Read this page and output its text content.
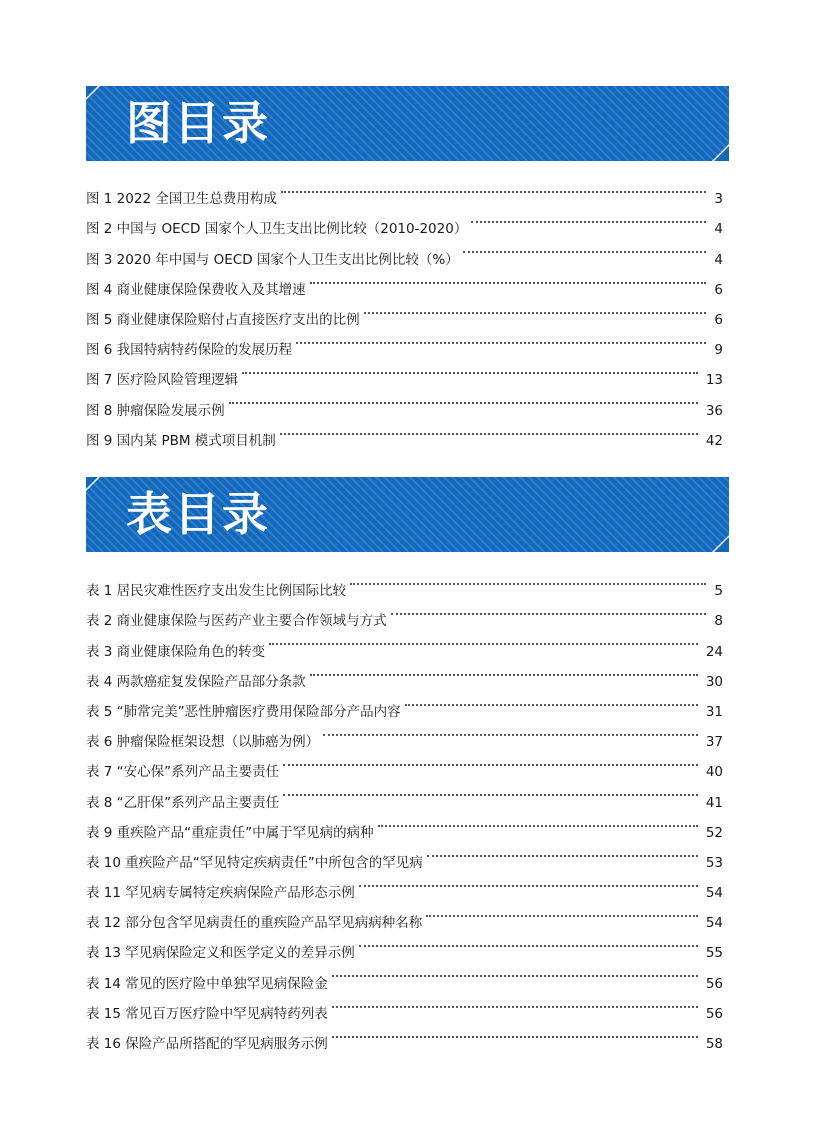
图目录
图 1 2022 全国卫生总费用构成	3
图 2 中国与 OECD 国家个人卫生支出比例比较（2010-2020）	4
图 3 2020 年中国与 OECD 国家个人卫生支出比例比较（%）	4
图 4 商业健康保险保费收入及其增速	6
图 5 商业健康保险赔付占直接医疗支出的比例	6
图 6 我国特病特药保险的发展历程	9
图 7 医疗险风险管理逻辑	13
图 8 肿瘤保险发展示例	36
图 9 国内某 PBM 模式项目机制	42
表目录
表 1 居民灾难性医疗支出发生比例国际比较	5
表 2 商业健康保险与医药产业主要合作领域与方式	8
表 3 商业健康保险角色的转变	24
表 4 两款癌症复发保险产品部分条款	30
表 5 “肺常完美”恶性肿瘤医疗费用保险部分产品内容	31
表 6 肿瘤保险框架设想（以肺癌为例）	37
表 7 “安心保”系列产品主要责任	40
表 8 “乙肝保”系列产品主要责任	41
表 9 重疾险产品“重症责任”中属于罕见病的病种	52
表 10 重疾险产品“罕见特定疾病责任”中所包含的罕见病	53
表 11 罕见病专属特定疾病保险产品形态示例	54
表 12 部分包含罕见病责任的重疾险产品罕见病病种名称	54
表 13 罕见病保险定义和医学定义的差异示例	55
表 14 常见的医疗险中单独罕见病保险金	56
表 15 常见百万医疗险中罕见病特药列表	56
表 16 保险产品所搭配的罕见病服务示例	58
